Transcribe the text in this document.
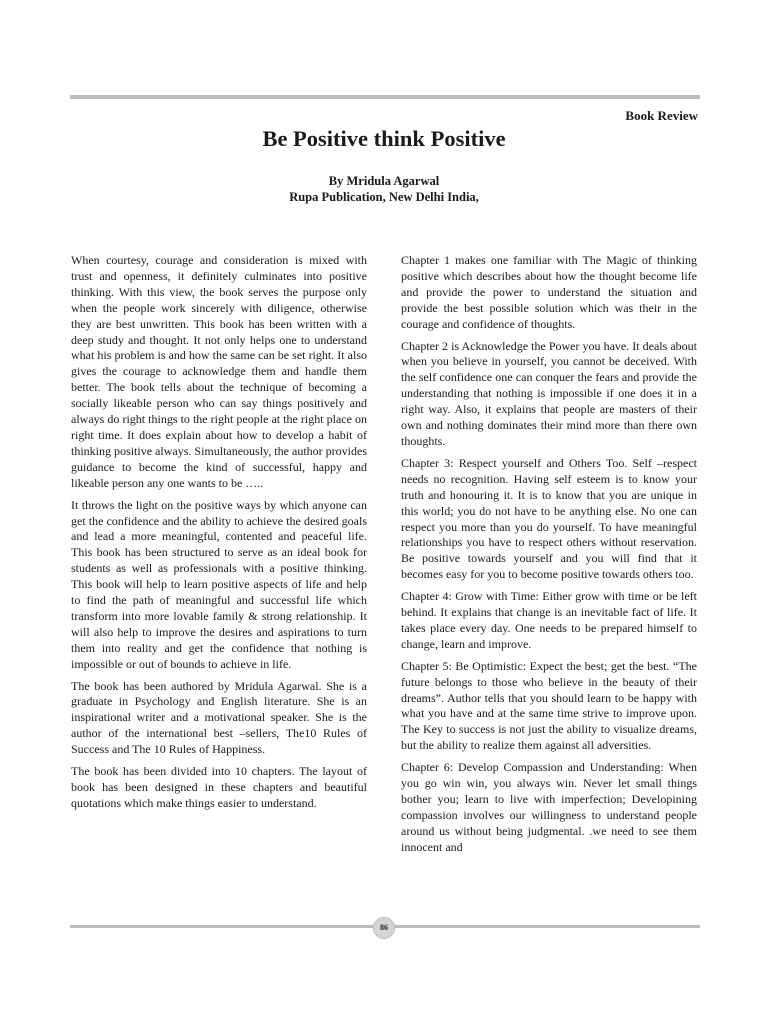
Book Review
Be Positive think Positive
By Mridula Agarwal
Rupa Publication, New Delhi India,

When courtesy, courage and consideration is mixed with trust and openness, it definitely culminates into positive thinking. With this view, the book serves the purpose only when the people work sincerely with diligence, otherwise they are best unwritten. This book has been written with a deep study and thought. It not only helps one to understand what his problem is and how the same can be set right. It also gives the courage to acknowledge them and handle them better. The book tells about the technique of becoming a socially likeable person who can say things positively and always do right things to the right people at the right place on right time. It does explain about how to develop a habit of thinking positive always. Simultaneously, the author provides guidance to become the kind of successful, happy and likeable person any one wants to be …..

It throws the light on the positive ways by which anyone can get the confidence and the ability to achieve the desired goals and lead a more meaningful, contented and peaceful life. This book has been structured to serve as an ideal book for students as well as professionals with a positive thinking. This book will help to learn positive aspects of life and help to find the path of meaningful and successful life which transform into more lovable family & strong relationship. It will also help to improve the desires and aspirations to turn them into reality and get the confidence that nothing is impossible or out of bounds to achieve in life.

The book has been authored by Mridula Agarwal. She is a graduate in Psychology and English literature. She is an inspirational writer and a motivational speaker. She is the author of the international best –sellers, The10 Rules of Success and The 10 Rules of Happiness.

The book has been divided into 10 chapters. The layout of book has been designed in these chapters and beautiful quotations which make things easier to understand.

Chapter 1 makes one familiar with The Magic of thinking positive which describes about how the thought become life and provide the power to understand the situation and provide the best possible solution which was their in the courage and confidence of thoughts.

Chapter 2 is Acknowledge the Power you have. It deals about when you believe in yourself, you cannot be deceived. With the self confidence one can conquer the fears and provide the understanding that nothing is impossible if one does it in a right way. Also, it explains that people are masters of their own and nothing dominates their mind more than there own thoughts.

Chapter 3: Respect yourself and Others Too. Self –respect needs no recognition. Having self esteem is to know your truth and honouring it. It is to know that you are unique in this world; you do not have to be anything else. No one can respect you more than you do yourself. To have meaningful relationships you have to respect others without reservation. Be positive towards yourself and you will find that it becomes easy for you to become positive towards others too.

Chapter 4: Grow with Time: Either grow with time or be left behind. It explains that change is an inevitable fact of life. It takes place every day. One needs to be prepared himself to change, learn and improve.

Chapter 5: Be Optimistic: Expect the best; get the best. “The future belongs to those who believe in the beauty of their dreams”. Author tells that you should learn to be happy with what you have and at the same time strive to improve upon. The Key to success is not just the ability to visualize dreams, but the ability to realize them against all adversities.

Chapter 6: Develop Compassion and Understanding: When you go win win, you always win. Never let small things bother you; learn to live with imperfection; Developining compassion involves our willingness to understand people around us without being judgmental. .we need to see them innocent and

86
